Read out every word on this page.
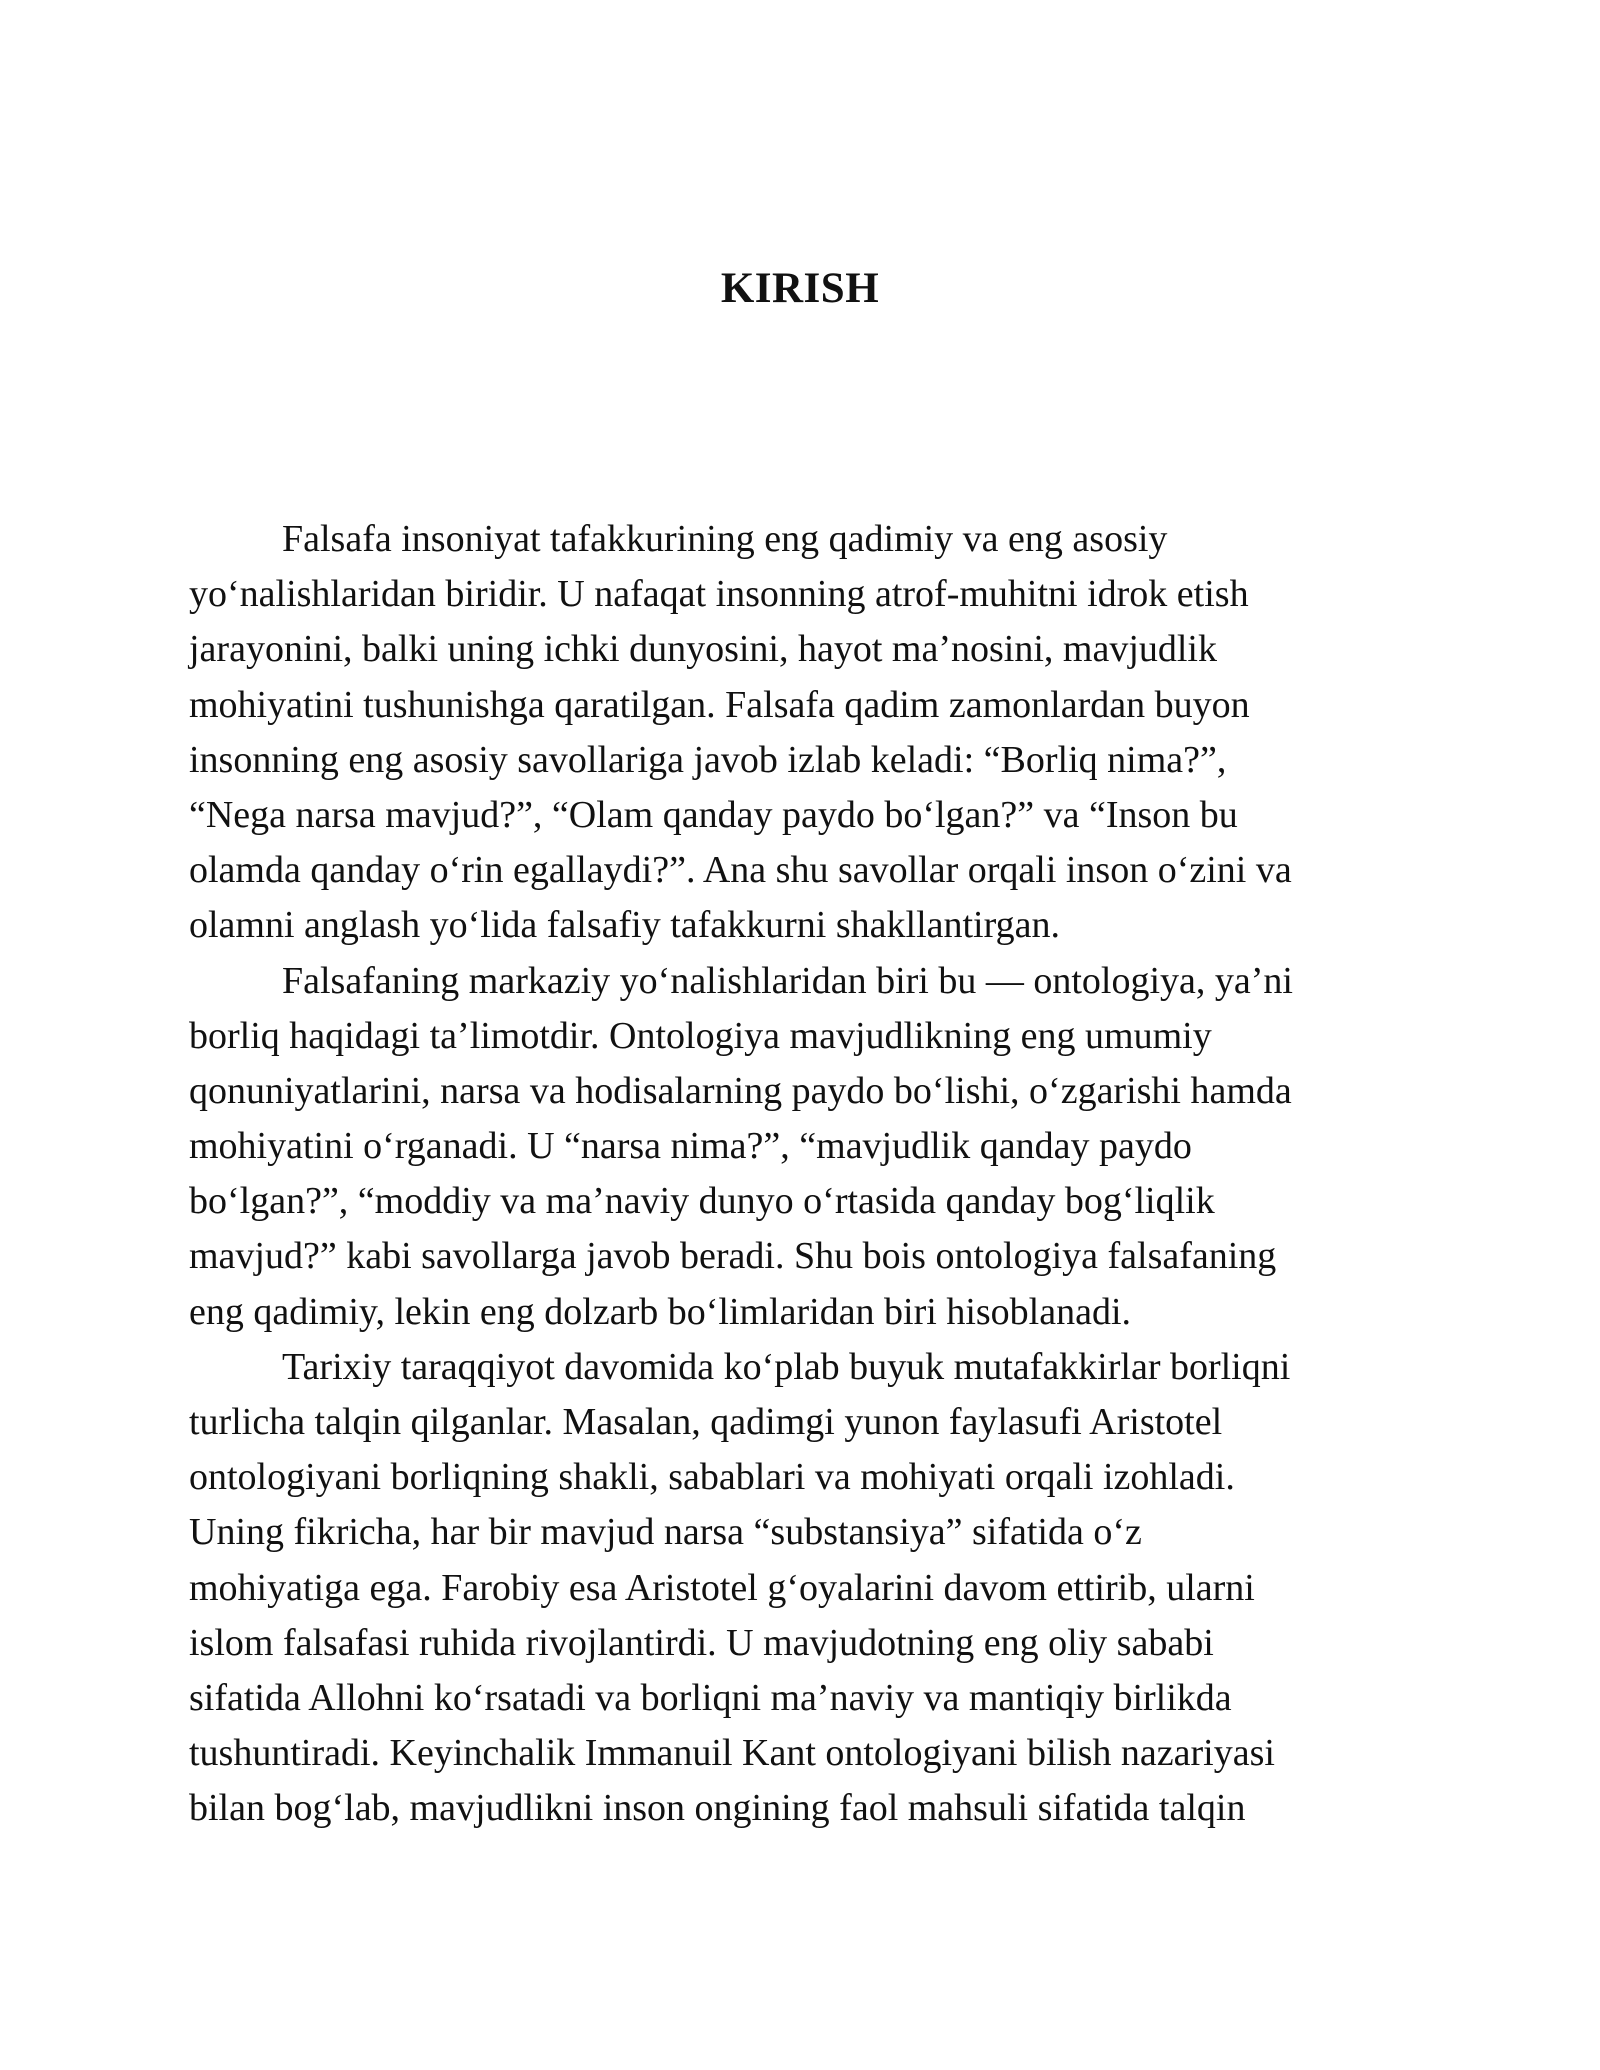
KIRISH
Falsafa insoniyat tafakkurining eng qadimiy va eng asosiy
yo‘nalishlaridan biridir. U nafaqat insonning atrof-muhitni idrok etish
jarayonini, balki uning ichki dunyosini, hayot ma’nosini, mavjudlik
mohiyatini tushunishga qaratilgan. Falsafa qadim zamonlardan buyon
insonning eng asosiy savollariga javob izlab keladi: “Borliq nima?”,
“Nega narsa mavjud?”, “Olam qanday paydo bo‘lgan?” va “Inson bu
olamda qanday o‘rin egallaydi?”. Ana shu savollar orqali inson o‘zini va
olamni anglash yo‘lida falsafiy tafakkurni shakllantirgan.
Falsafaning markaziy yo‘nalishlaridan biri bu — ontologiya, ya’ni
borliq haqidagi ta’limotdir. Ontologiya mavjudlikning eng umumiy
qonuniyatlarini, narsa va hodisalarning paydo bo‘lishi, o‘zgarishi hamda
mohiyatini o‘rganadi. U “narsa nima?”, “mavjudlik qanday paydo
bo‘lgan?”, “moddiy va ma’naviy dunyo o‘rtasida qanday bog‘liqlik
mavjud?” kabi savollarga javob beradi. Shu bois ontologiya falsafaning
eng qadimiy, lekin eng dolzarb bo‘limlaridan biri hisoblanadi.
Tarixiy taraqqiyot davomida ko‘plab buyuk mutafakkirlar borliqni
turlicha talqin qilganlar. Masalan, qadimgi yunon faylasufi Aristotel
ontologiyani borliqning shakli, sabablari va mohiyati orqali izohladi.
Uning fikricha, har bir mavjud narsa “substansiya” sifatida o‘z
mohiyatiga ega. Farobiy esa Aristotel g‘oyalarini davom ettirib, ularni
islom falsafasi ruhida rivojlantirdi. U mavjudotning eng oliy sababi
sifatida Allohni ko‘rsatadi va borliqni ma’naviy va mantiqiy birlikda
tushuntiradi. Keyinchalik Immanuil Kant ontologiyani bilish nazariyasi
bilan bog‘lab, mavjudlikni inson ongining faol mahsuli sifatida talqin
